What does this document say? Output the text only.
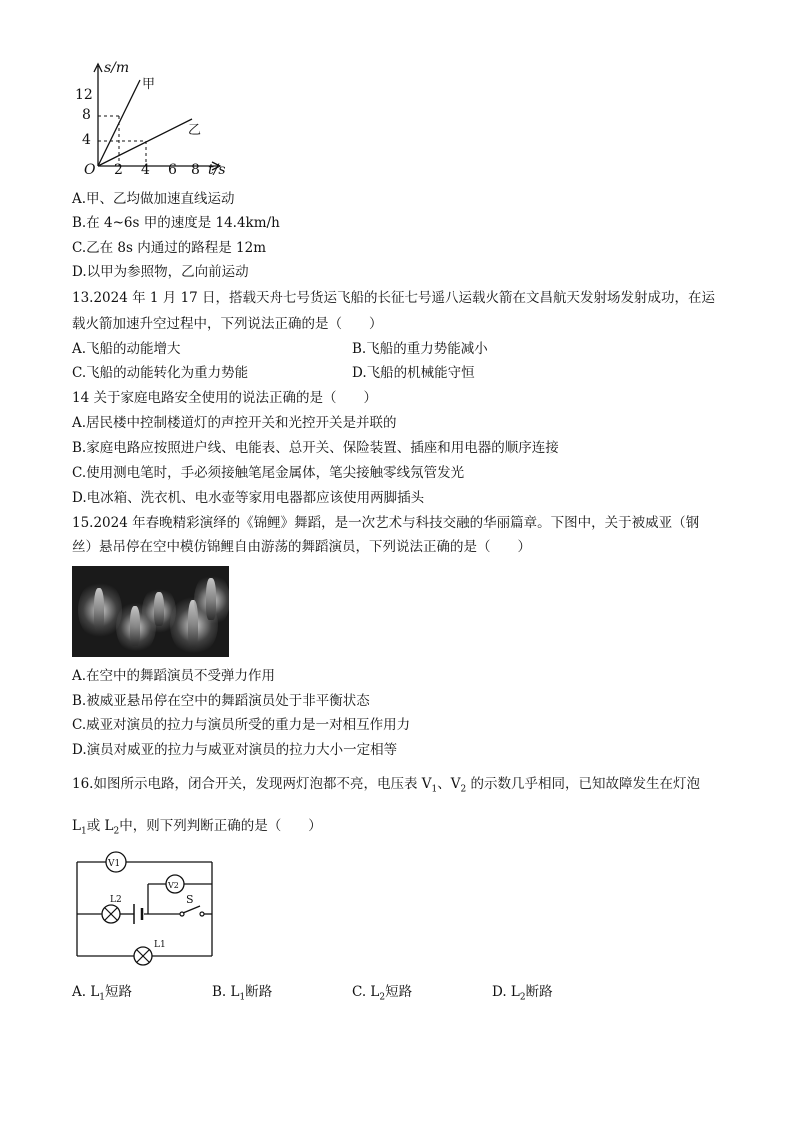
s/m
t/s
O
4
8
12
2 4 6 8
甲
乙
A.甲、乙均做加速直线运动
B.在 4~6s 甲的速度是 14.4km/h
C.乙在 8s 内通过的路程是 12m
D.以甲为参照物，乙向前运动
13.2024 年 1 月 17 日，搭载天舟七号货运飞船的长征七号遥八运载火箭在文昌航天发射场发射成功，在运
载火箭加速升空过程中，下列说法正确的是（　　）
A.飞船的动能增大	B.飞船的重力势能减小
C.飞船的动能转化为重力势能	D.飞船的机械能守恒
14 关于家庭电路安全使用的说法正确的是（　　）
A.居民楼中控制楼道灯的声控开关和光控开关是并联的
B.家庭电路应按照进户线、电能表、总开关、保险装置、插座和用电器的顺序连接
C.使用测电笔时，手必须接触笔尾金属体，笔尖接触零线氖管发光
D.电冰箱、洗衣机、电水壶等家用电器都应该使用两脚插头
15.2024 年春晚精彩演绎的《锦鲤》舞蹈，是一次艺术与科技交融的华丽篇章。下图中，关于被威亚（钢
丝）悬吊停在空中模仿锦鲤自由游荡的舞蹈演员，下列说法正确的是（　　）
A.在空中的舞蹈演员不受弹力作用
B.被威亚悬吊停在空中的舞蹈演员处于非平衡状态
C.威亚对演员的拉力与演员所受的重力是一对相互作用力
D.演员对威亚的拉力与威亚对演员的拉力大小一定相等
16.如图所示电路，闭合开关，发现两灯泡都不亮，电压表 $V_1$、$V_2$ 的示数几乎相同，已知故障发生在灯泡
$L_1$或 $L_2$中，则下列判断正确的是（　　）
V1
V2
L2	S
L1
A. $L_1$短路	B. $L_1$断路	C. $L_2$短路	D. $L_2$断路
